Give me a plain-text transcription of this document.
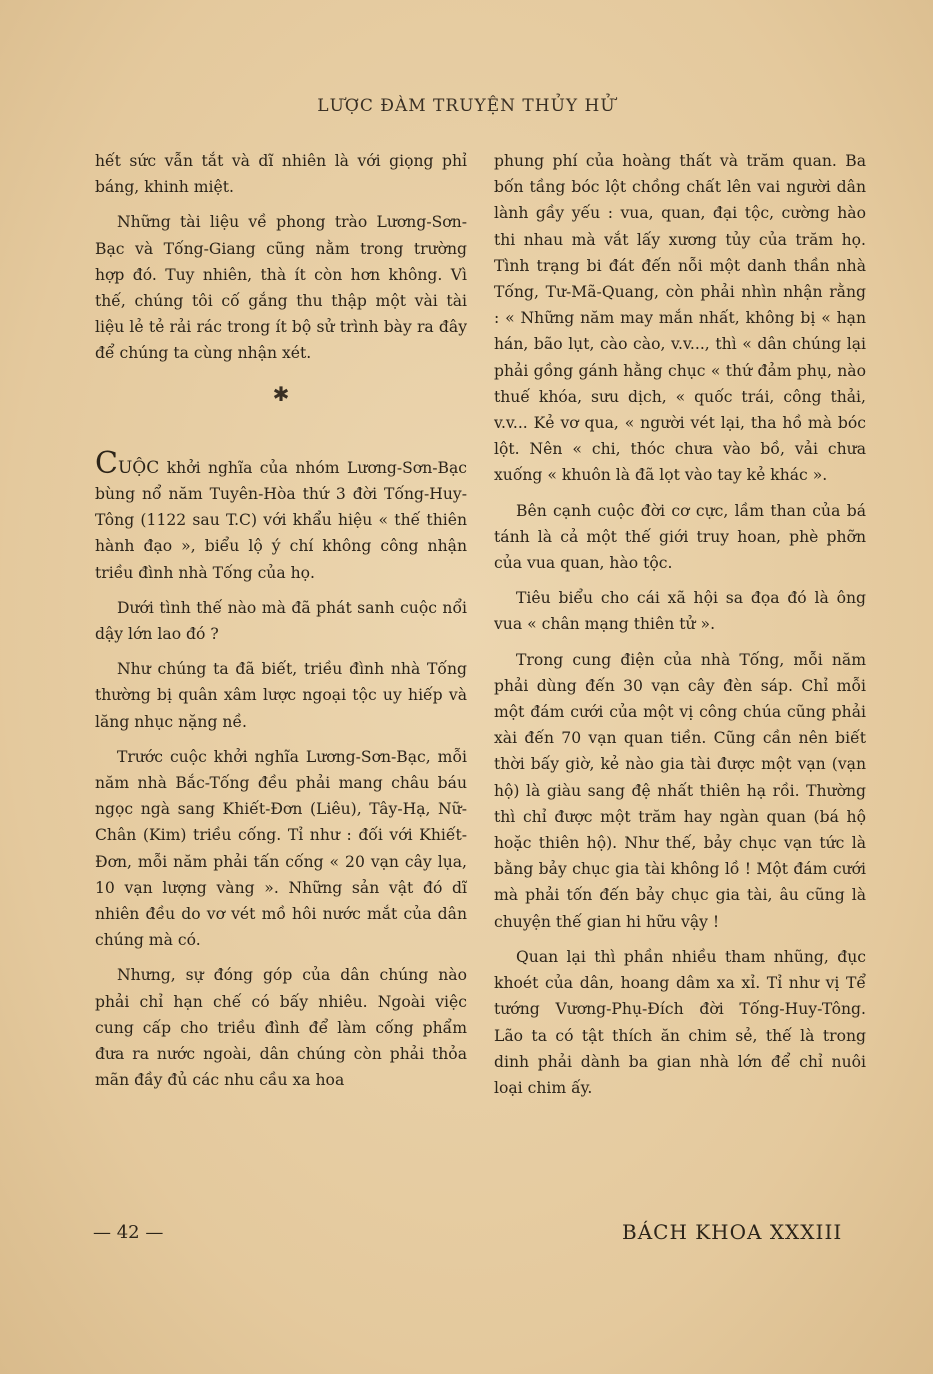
LƯỢC ĐÀM TRUYỆN THỦY HỬ

hết sức vẫn tắt và dĩ nhiên là với giọng phỉ báng, khinh miệt.

Những tài liệu về phong trào Lương-Sơn-Bạc và Tống-Giang cũng nằm trong trường hợp đó. Tuy nhiên, thà ít còn hơn không. Vì thế, chúng tôi cố gắng thu thập một vài tài liệu lẻ tẻ rải rác trong ít bộ sử trình bày ra đây để chúng ta cùng nhận xét.

✱

CUỘC khởi nghĩa của nhóm Lương-Sơn-Bạc bùng nổ năm Tuyên-Hòa thứ 3 đời Tống-Huy-Tông (1122 sau T.C) với khẩu hiệu « thế thiên hành đạo », biểu lộ ý chí không công nhận triều đình nhà Tống của họ.

Dưới tình thế nào mà đã phát sanh cuộc nổi dậy lớn lao đó ?

Như chúng ta đã biết, triều đình nhà Tống thường bị quân xâm lược ngoại tộc uy hiếp và lăng nhục nặng nề.

Trước cuộc khởi nghĩa Lương-Sơn-Bạc, mỗi năm nhà Bắc-Tống đều phải mang châu báu ngọc ngà sang Khiết-Đơn (Liêu), Tây-Hạ, Nữ-Chân (Kim) triều cống. Tỉ như : đối với Khiết-Đơn, mỗi năm phải tấn cống « 20 vạn cây lụa, 10 vạn lượng vàng ». Những sản vật đó dĩ nhiên đều do vơ vét mồ hôi nước mắt của dân chúng mà có.

Nhưng, sự đóng góp của dân chúng nào phải chỉ hạn chế có bấy nhiêu. Ngoài việc cung cấp cho triều đình để làm cống phẩm đưa ra nước ngoài, dân chúng còn phải thỏa mãn đầy đủ các nhu cầu xa hoa

phung phí của hoàng thất và trăm quan. Ba bốn tầng bóc lột chồng chất lên vai người dân lành gầy yếu : vua, quan, đại tộc, cường hào thi nhau mà vắt lấy xương tủy của trăm họ. Tình trạng bi đát đến nỗi một danh thần nhà Tống, Tư-Mã-Quang, còn phải nhìn nhận rằng : « Những năm may mắn nhất, không bị « hạn hán, bão lụt, cào cào, v.v..., thì « dân chúng lại phải gồng gánh hằng chục « thứ đảm phụ, nào thuế khóa, sưu dịch, « quốc trái, công thải, v.v... Kẻ vơ qua, « người vét lại, tha hồ mà bóc lột. Nên « chi, thóc chưa vào bồ, vải chưa xuống « khuôn là đã lọt vào tay kẻ khác ».

Bên cạnh cuộc đời cơ cực, lầm than của bá tánh là cả một thế giới truy hoan, phè phỡn của vua quan, hào tộc.

Tiêu biểu cho cái xã hội sa đọa đó là ông vua « chân mạng thiên tử ».

Trong cung điện của nhà Tống, mỗi năm phải dùng đến 30 vạn cây đèn sáp. Chỉ mỗi một đám cưới của một vị công chúa cũng phải xài đến 70 vạn quan tiền. Cũng cần nên biết thời bấy giờ, kẻ nào gia tài được một vạn (vạn hộ) là giàu sang đệ nhất thiên hạ rồi. Thường thì chỉ được một trăm hay ngàn quan (bá hộ hoặc thiên hộ). Như thế, bảy chục vạn tức là bằng bảy chục gia tài không lồ ! Một đám cưới mà phải tốn đến bảy chục gia tài, âu cũng là chuyện thế gian hi hữu vậy !

Quan lại thì phần nhiều tham nhũng, đục khoét của dân, hoang dâm xa xỉ. Tỉ như vị Tể tướng Vương-Phụ-Đích đời Tống-Huy-Tông. Lão ta có tật thích ăn chim sẻ, thế là trong dinh phải dành ba gian nhà lớn để chỉ nuôi loại chim ấy.

— 42 —	BÁCH KHOA XXXIII
